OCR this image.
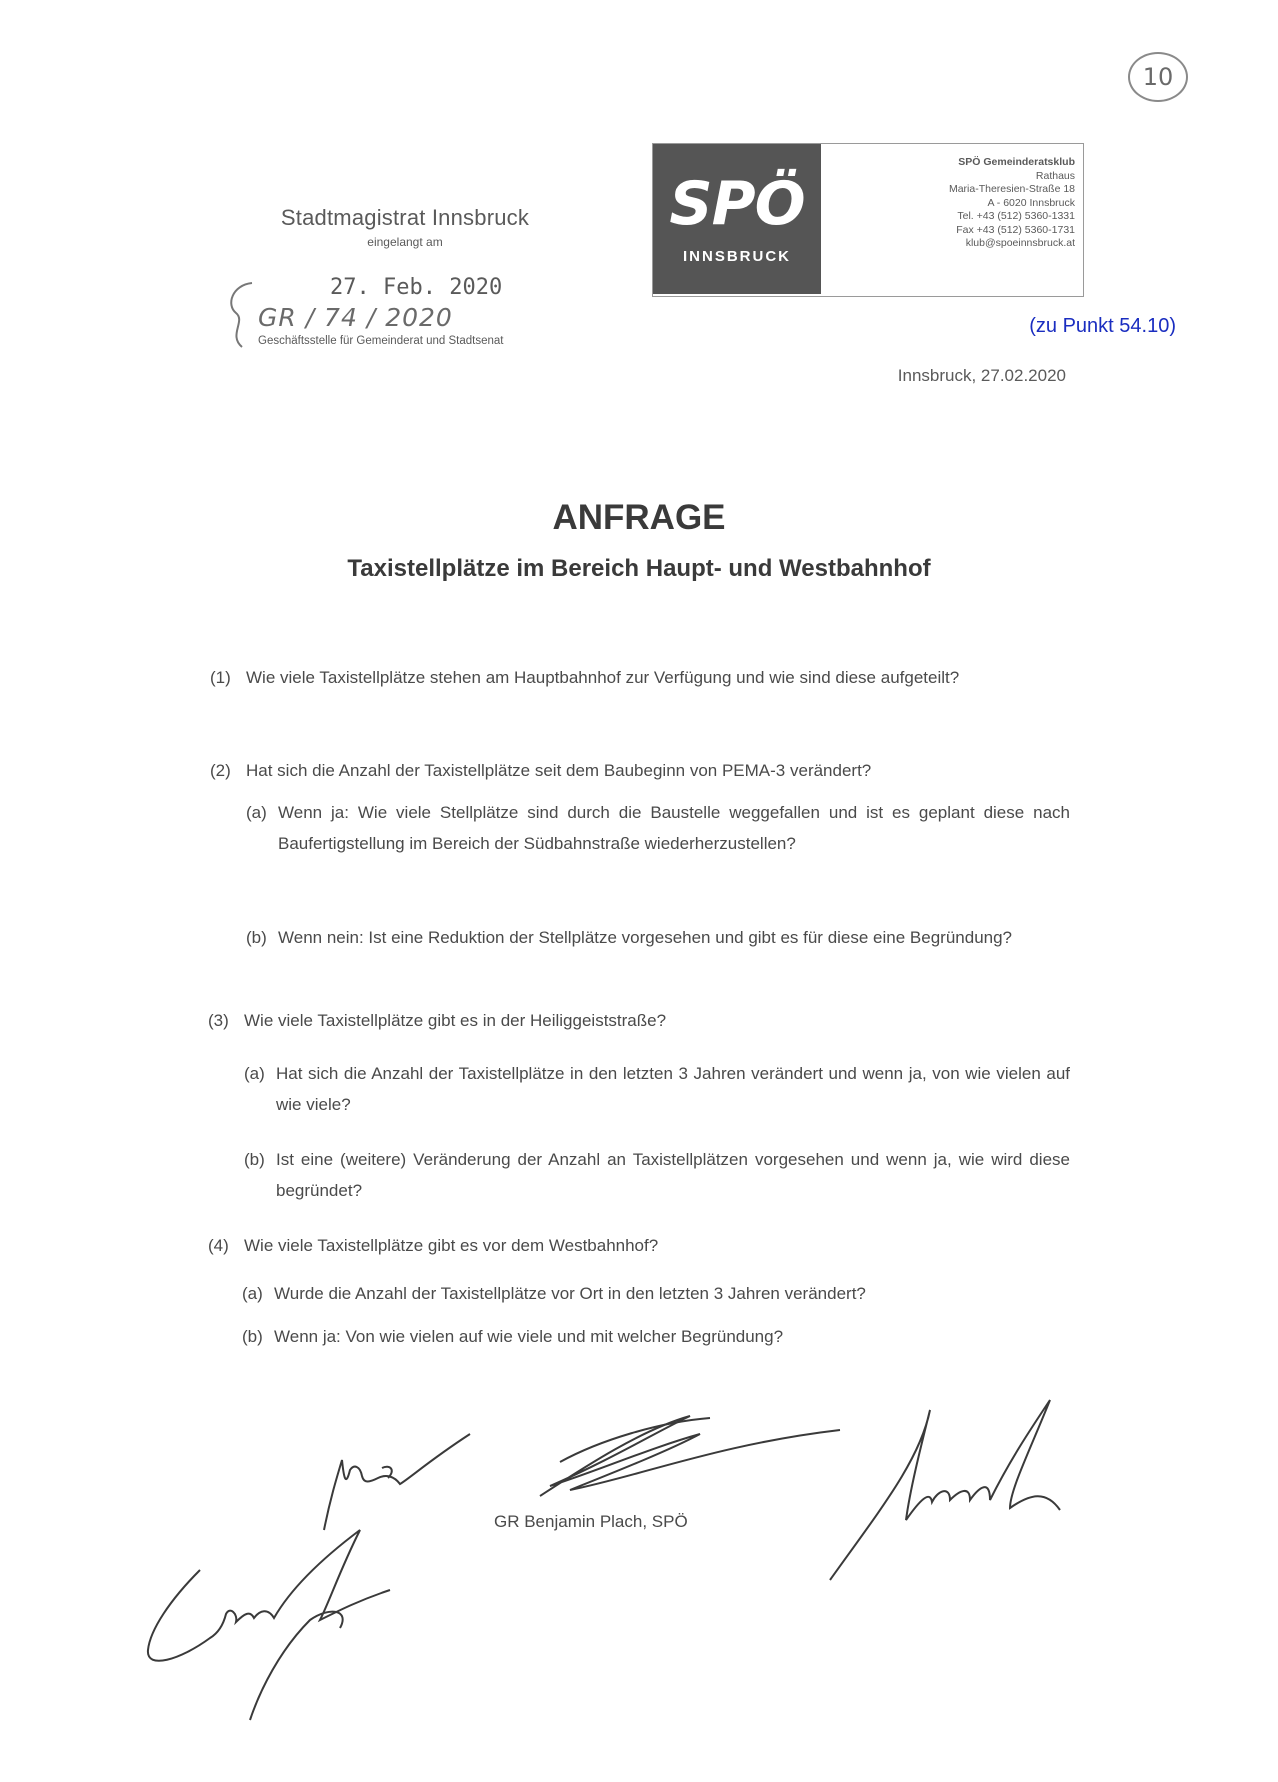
10
Stadtmagistrat Innsbruck
eingelangt am
27. Feb. 2020
GR / 74 / 2020
Geschäftsstelle für Gemeinderat und Stadtsenat
SPÖ
INNSBRUCK
SPÖ Gemeinderatsklub
Rathaus
Maria-Theresien-Straße 18
A - 6020 Innsbruck
Tel. +43 (512) 5360-1331
Fax +43 (512) 5360-1731
klub@spoeinnsbruck.at
(zu Punkt 54.10)
Innsbruck, 27.02.2020
ANFRAGE
Taxistellplätze im Bereich Haupt- und Westbahnhof
(1) Wie viele Taxistellplätze stehen am Hauptbahnhof zur Verfügung und wie sind diese aufgeteilt?
(2) Hat sich die Anzahl der Taxistellplätze seit dem Baubeginn von PEMA-3 verändert?
(a) Wenn ja: Wie viele Stellplätze sind durch die Baustelle weggefallen und ist es geplant diese nach Baufertigstellung im Bereich der Südbahnstraße wiederherzustellen?
(b) Wenn nein: Ist eine Reduktion der Stellplätze vorgesehen und gibt es für diese eine Begründung?
(3) Wie viele Taxistellplätze gibt es in der Heiliggeiststraße?
(a) Hat sich die Anzahl der Taxistellplätze in den letzten 3 Jahren verändert und wenn ja, von wie vielen auf wie viele?
(b) Ist eine (weitere) Veränderung der Anzahl an Taxistellplätzen vorgesehen und wenn ja, wie wird diese begründet?
(4) Wie viele Taxistellplätze gibt es vor dem Westbahnhof?
(a) Wurde die Anzahl der Taxistellplätze vor Ort in den letzten 3 Jahren verändert?
(b) Wenn ja: Von wie vielen auf wie viele und mit welcher Begründung?
GR Benjamin Plach, SPÖ
